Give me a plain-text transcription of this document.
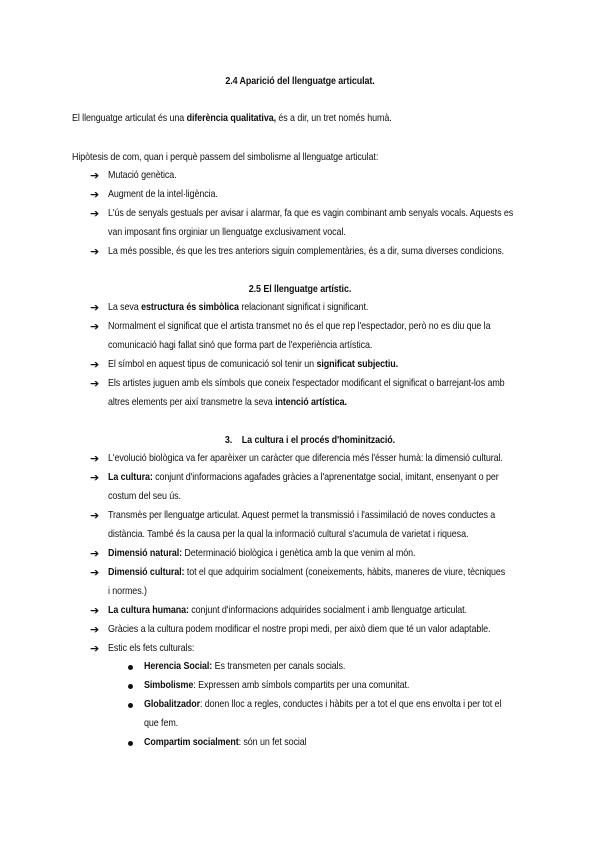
2.4 Aparició del llenguatge articulat.
El llenguatge articulat és una diferència qualitativa, és a dir, un tret només humà.
Hipòtesis de com, quan i perquè passem del simbolisme al llenguatge articulat:
➔ Mutació genètica.
➔ Augment de la intel·ligència.
➔ L'ús de senyals gestuals per avisar i alarmar, fa que es vagin combinant amb senyals vocals. Aquests es
van imposant fins orginiar un llenguatge exclusivament vocal.
➔ La més possible, és que les tres anteriors siguin complementàries, és a dir, suma diverses condicions.
2.5 El llenguatge artístic.
➔ La seva estructura és simbòlica relacionant significat i significant.
➔ Normalment el significat que el artista transmet no és el que rep l'espectador, però no es diu que la
comunicació hagi fallat sinó que forma part de l'experiència artística.
➔ El símbol en aquest tipus de comunicació sol tenir un significat subjectiu.
➔ Els artistes juguen amb els símbols que coneix l'espectador modificant el significat o barrejant-los amb
altres elements per així transmetre la seva intenció artística.
3.    La cultura i el procés d'hominització.
➔ L'evolució biològica va fer aparèixer un caràcter que diferencia més l'ésser humà: la dimensió cultural.
➔ La cultura: conjunt d'informacions agafades gràcies a l'aprenentatge social, imitant, ensenyant o per
costum del seu ús.
➔ Transmès per llenguatge articulat. Aquest permet la transmissió i l'assimilació de noves conductes a
distància. També és la causa per la qual la informació cultural s'acumula de varietat i riquesa.
➔ Dimensió natural: Determinació biològica i genètica amb la que venim al món.
➔ Dimensió cultural: tot el que adquirim socialment (coneixements, hàbits, maneres de viure, tècniques
i normes.)
➔ La cultura humana: conjunt d'informacions adquirides socialment i amb llenguatge articulat.
➔ Gràcies a la cultura podem modificar el nostre propi medi, per això diem que té un valor adaptable.
➔ Estic els fets culturals:
Herencia Social: Es transmeten per canals socials.
Simbolisme: Expressen amb símbols compartits per una comunitat.
Globalitzador: donen lloc a regles, conductes i hàbits per a tot el que ens envolta i per tot el
que fem.
Compartim socialment: són un fet social
